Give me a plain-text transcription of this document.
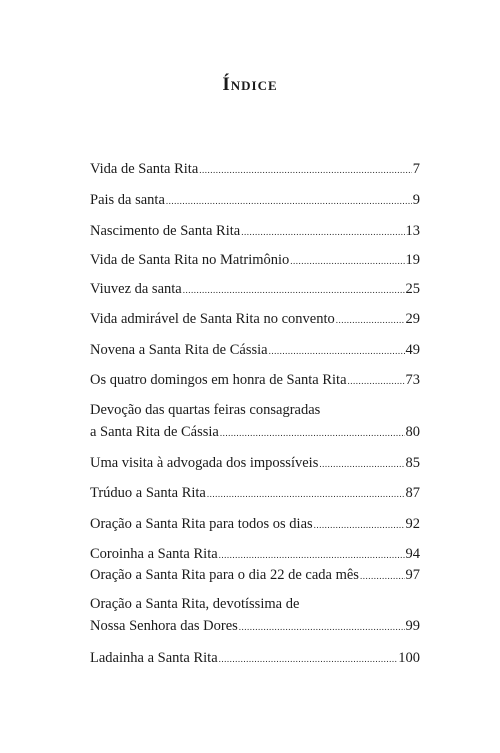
Índice
Vida de Santa Rita .....	7
Pais da santa .....	9
Nascimento de Santa Rita .....	13
Vida de Santa Rita no Matrimônio .....	19
Viuvez da santa .....	25
Vida admirável de Santa Rita no convento .....	29
Novena a Santa Rita de Cássia .....	49
Os quatro domingos em honra de Santa Rita .....	73
Devoção das quartas feiras consagradas
a Santa Rita de Cássia .....	80
Uma visita à advogada dos impossíveis .....	85
Trúduo a Santa Rita .....	87
Oração a Santa Rita para todos os dias .....	92
Coroinha a Santa Rita .....	94
Oração a Santa Rita para o dia 22 de cada mês .....	97
Oração a Santa Rita, devotíssima de
Nossa Senhora das Dores .....	99
Ladainha a Santa Rita .....	100
